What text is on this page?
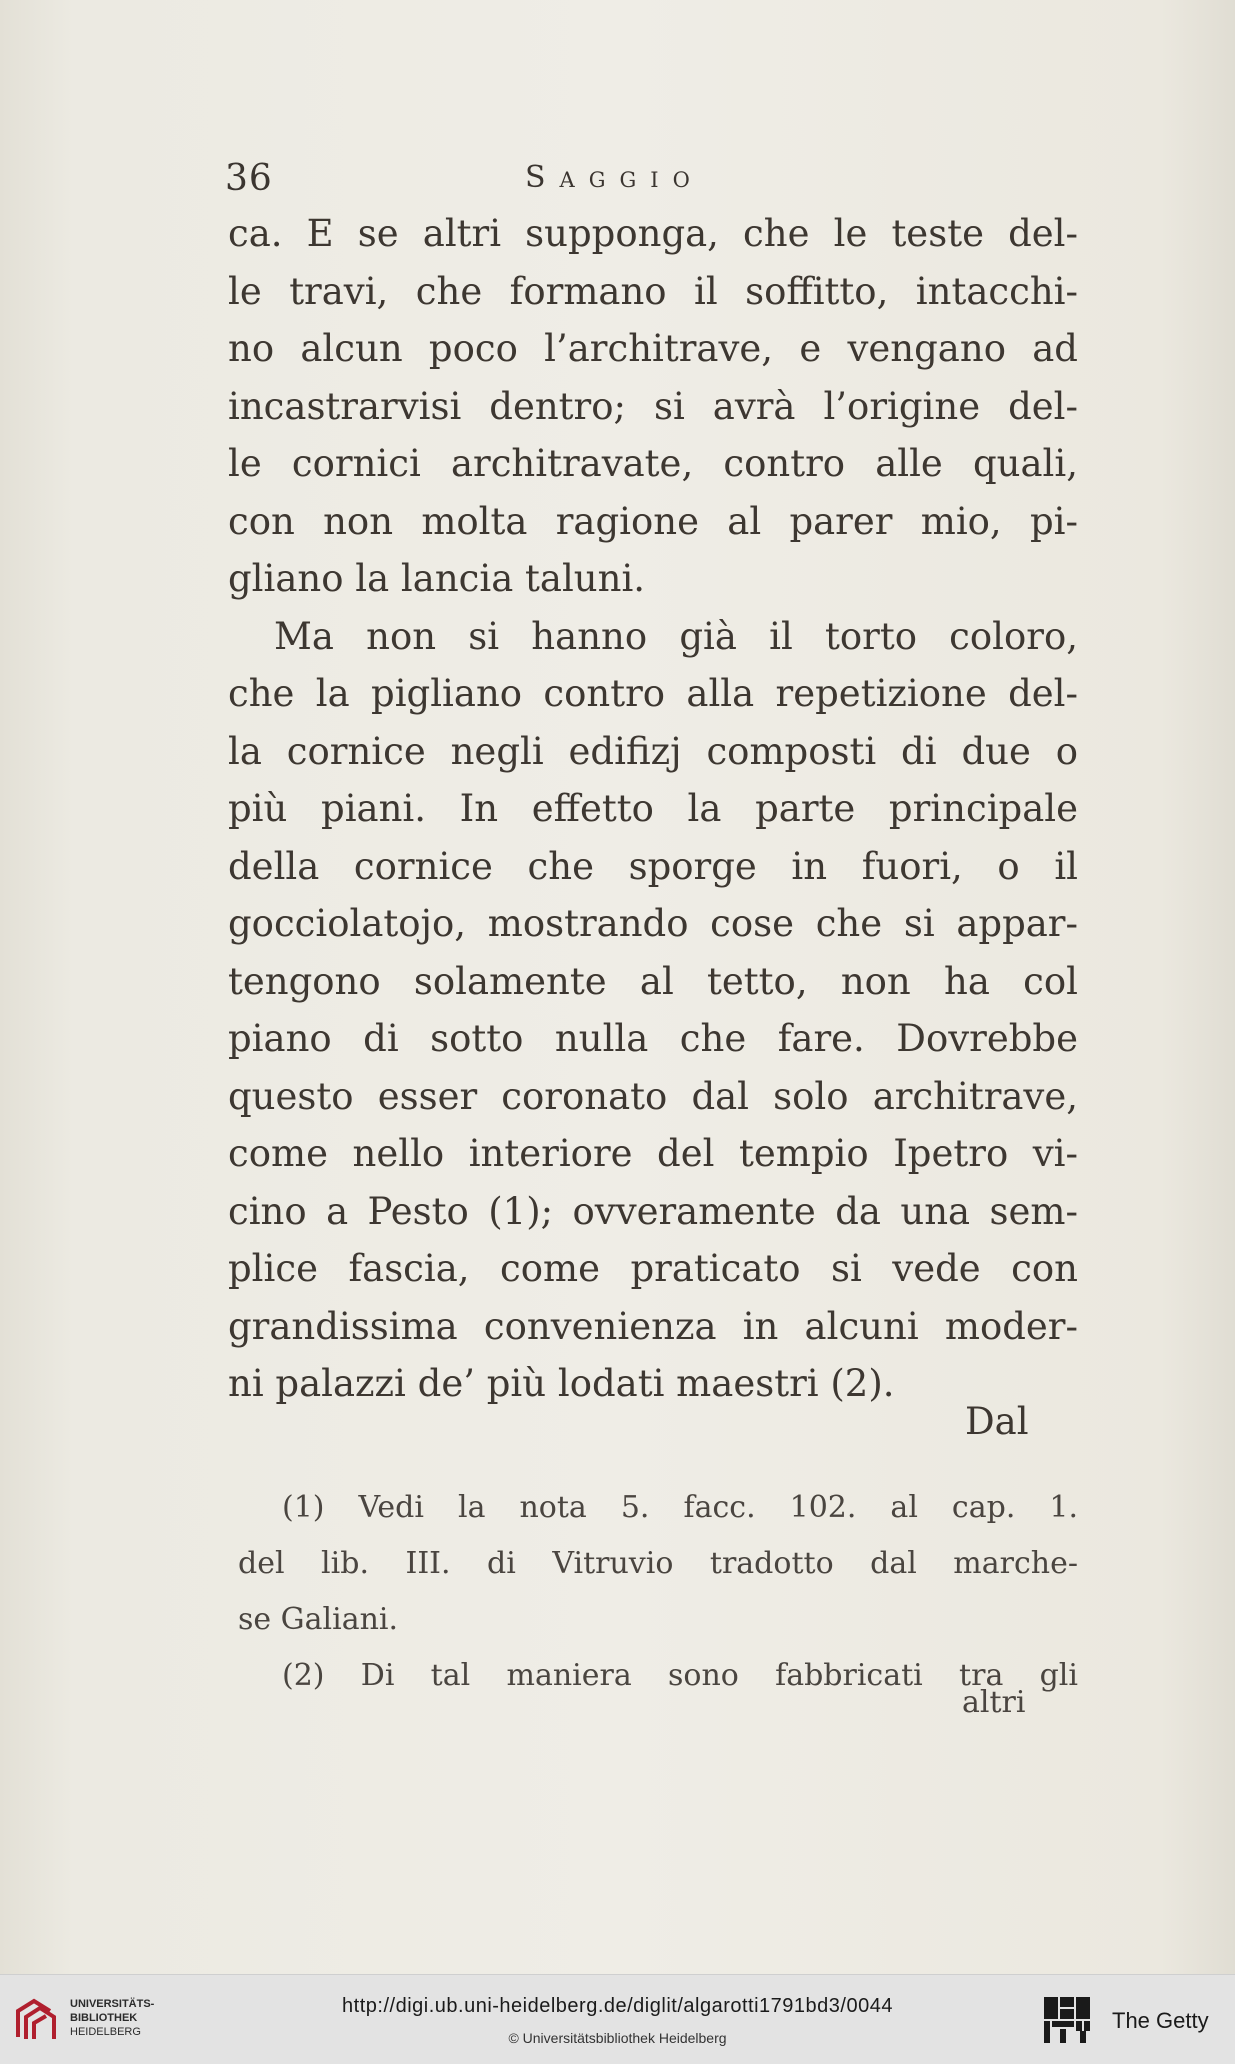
36	Saggio
ca. E se altri supponga, che le teste del-
le travi, che formano il soffitto, intacchi-
no alcun poco l’architrave, e vengano ad
incastrarvisi dentro; si avrà l’origine del-
le cornici architravate, contro alle quali,
con non molta ragione al parer mio, pi-
gliano la lancia taluni.
Ma non si hanno già il torto coloro,
che la pigliano contro alla repetizione del-
la cornice negli edifizj composti di due o
più piani. In effetto la parte principale
della cornice che sporge in fuori, o il
gocciolatojo, mostrando cose che si appar-
tengono solamente al tetto, non ha col
piano di sotto nulla che fare. Dovrebbe
questo esser coronato dal solo architrave,
come nello interiore del tempio Ipetro vi-
cino a Pesto (1); ovveramente da una sem-
plice fascia, come praticato si vede con
grandissima convenienza in alcuni moder-
ni palazzi de’ più lodati maestri (2).
Dal
(1) Vedi la nota 5. facc. 102. al cap. 1.
del lib. III. di Vitruvio tradotto dal marche-
se Galiani.
(2) Di tal maniera sono fabbricati tra gli
altri
UNIVERSITÄTS-
BIBLIOTHEK
HEIDELBERG
http://digi.ub.uni-heidelberg.de/diglit/algarotti1791bd3/0044
© Universitätsbibliothek Heidelberg
The Getty
